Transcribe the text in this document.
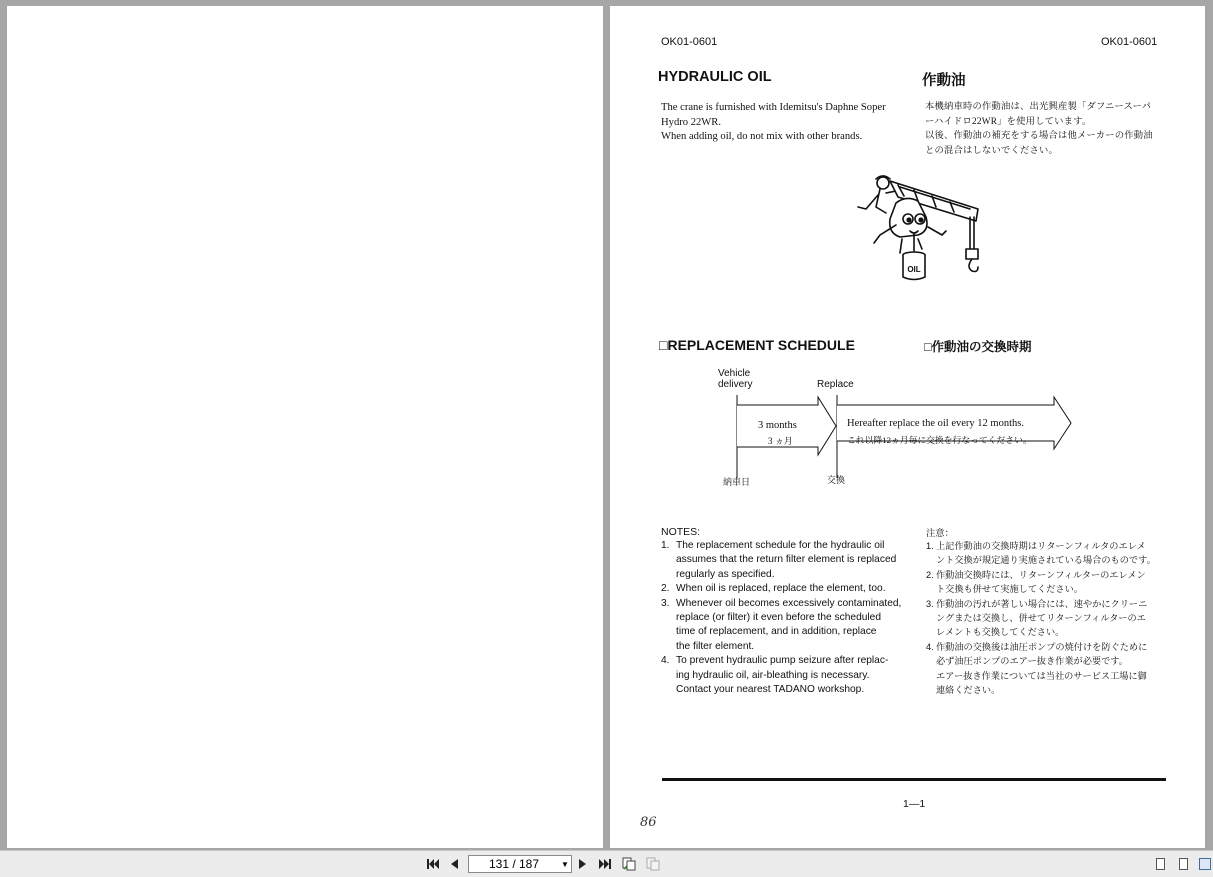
OK01-0601	OK01-0601
HYDRAULIC OIL	作動油
The crane is furnished with Idemitsu's Daphne Soper
Hydro 22WR.
When adding oil, do not mix with other brands.
本機納車時の作動油は、出光興産製「ダフニースーパ
ーハイドロ22WR」を使用しています。
以後、作動油の補充をする場合は他メーカーの作動油
との混合はしないでください。
OIL
□REPLACEMENT SCHEDULE	□作動油の交換時期
Vehicle
delivery	Replace
3 months
3 ヵ月
Hereafter replace the oil every 12 months.
これ以降12ヵ月毎に交換を行なってください。
納車日	交換
NOTES:
1. The replacement schedule for the hydraulic oil
assumes that the return filter element is replaced
regularly as specified.
2. When oil is replaced, replace the element, too.
3. Whenever oil becomes excessively contaminated,
replace (or filter) it even before the scheduled
time of replacement, and in addition, replace
the filter element.
4. To prevent hydraulic pump seizure after replac-
ing hydraulic oil, air-bleathing is necessary.
Contact your nearest TADANO workshop.
注意：
1. 上記作動油の交換時期はリターンフィルタのエレメ
ント交換が規定通り実施されている場合のものです。
2. 作動油交換時には、リターンフィルターのエレメン
ト交換も併せて実施してください。
3. 作動油の汚れが著しい場合には、速やかにクリーニ
ングまたは交換し、併せてリターンフィルターのエ
レメントも交換してください。
4. 作動油の交換後は油圧ポンプの焼付けを防ぐために
必ず油圧ポンプのエアー抜き作業が必要です。
エアー抜き作業については当社のサービス工場に御
連絡ください。
1—1
86
131 / 187	▼
